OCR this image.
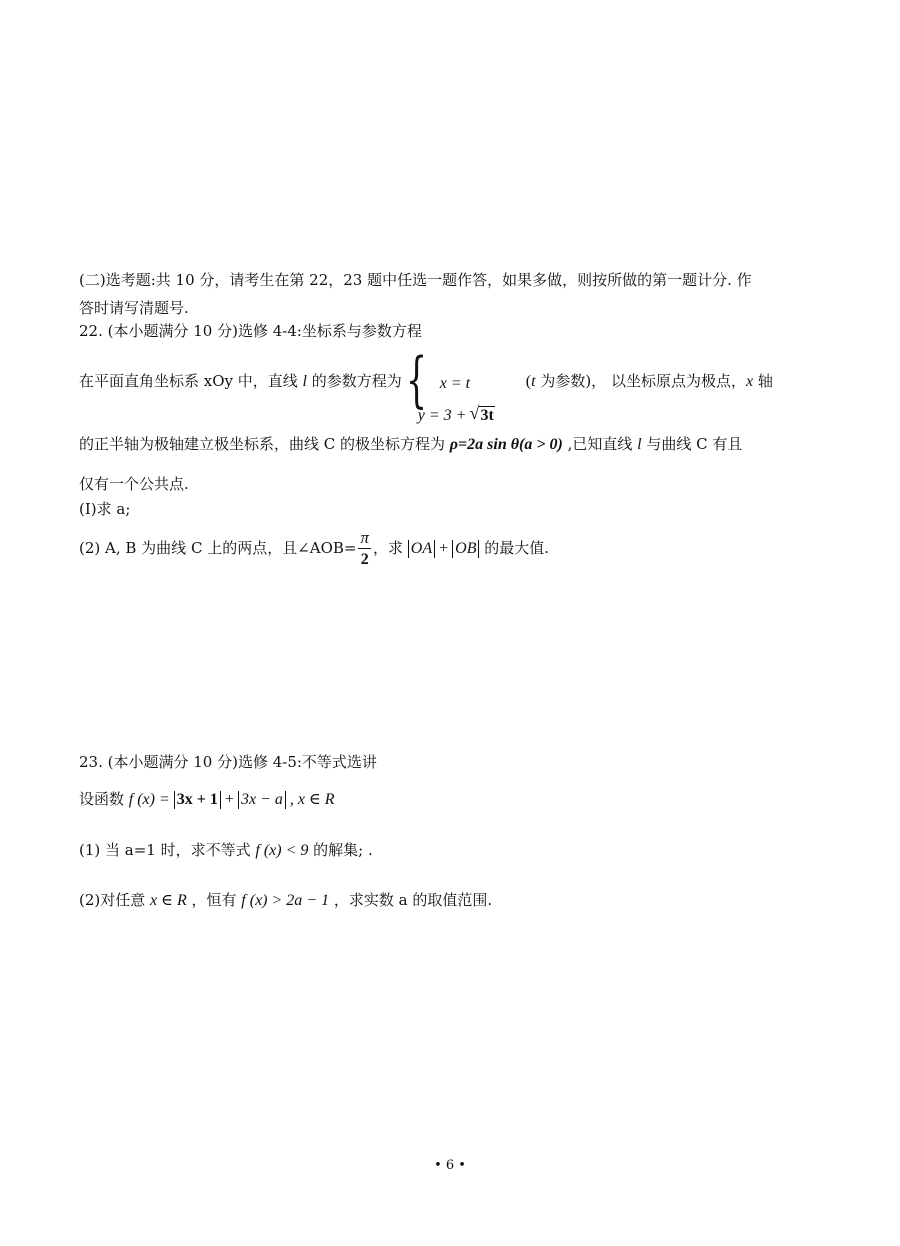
(二)选考题:共 10 分，请考生在第 22，23 题中任选一题作答，如果多做，则按所做的第一题计分. 作
答时请写清题号.
22. (本小题满分 10 分)选修 4-4:坐标系与参数方程
在平面直角坐标系 xOy 中，直线 l 的参数方程为 { x = t
y = 3 + √ 3t
(t 为参数)， 以坐标原点为极点，x 轴
的正半轴为极轴建立极坐标系，曲线 C 的极坐标方程为 ρ=2a sin θ(a > 0) ,已知直线 l 与曲线 C 有且
仅有一个公共点.
(I)求 a;
(2) A, B 为曲线 C 上的两点，且∠AOB= $\frac{\pi}{2}$ ，求 OA + OB 的最大值.
23. (本小题满分 10 分)选修 4-5:不等式选讲
设函数 f (x) = 3x + 1 + 3x − a , x ∈ R
(1) 当 a=1 时，求不等式 f (x) < 9 的解集; .
(2)对任意 x ∈ R ，恒有 f (x) > 2a − 1 ，求实数 a 的取值范围.
• 6 •
